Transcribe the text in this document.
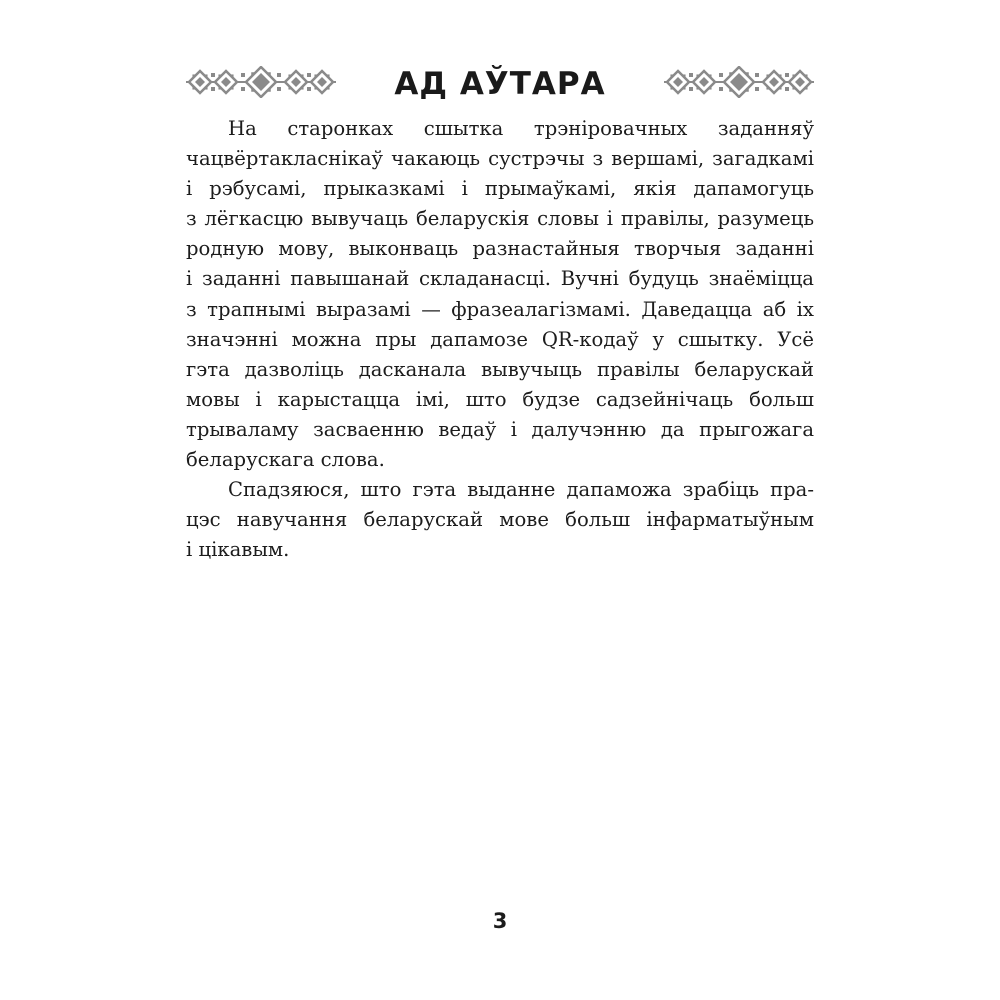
АД АЎТАРА

На старонках сшытка трэніровачных заданняў
чацвёртакласнікаў чакаюць сустрэчы з вершамі, загадкамі
і рэбусамі, прыказкамі і прымаўкамі, якія дапамогуць
з лёгкасцю вывучаць беларускія словы і правілы, разумець
родную мову, выконваць разнастайныя творчыя заданні
і заданні павышанай складанасці. Вучні будуць знаёміцца
з трапнымі выразамі — фразеалагізмамі. Даведацца аб іх
значэнні можна пры дапамозе QR-кодаў у сшытку. Усё
гэта дазволіць дасканала вывучыць правілы беларускай
мовы і карыстацца імі, што будзе садзейнічаць больш
трываламу засваенню ведаў і далучэнню да прыгожага
беларускага слова.

Спадзяюся, што гэта выданне дапаможа зрабіць пра-
цэс навучання беларускай мове больш інфарматыўным
і цікавым.

3
